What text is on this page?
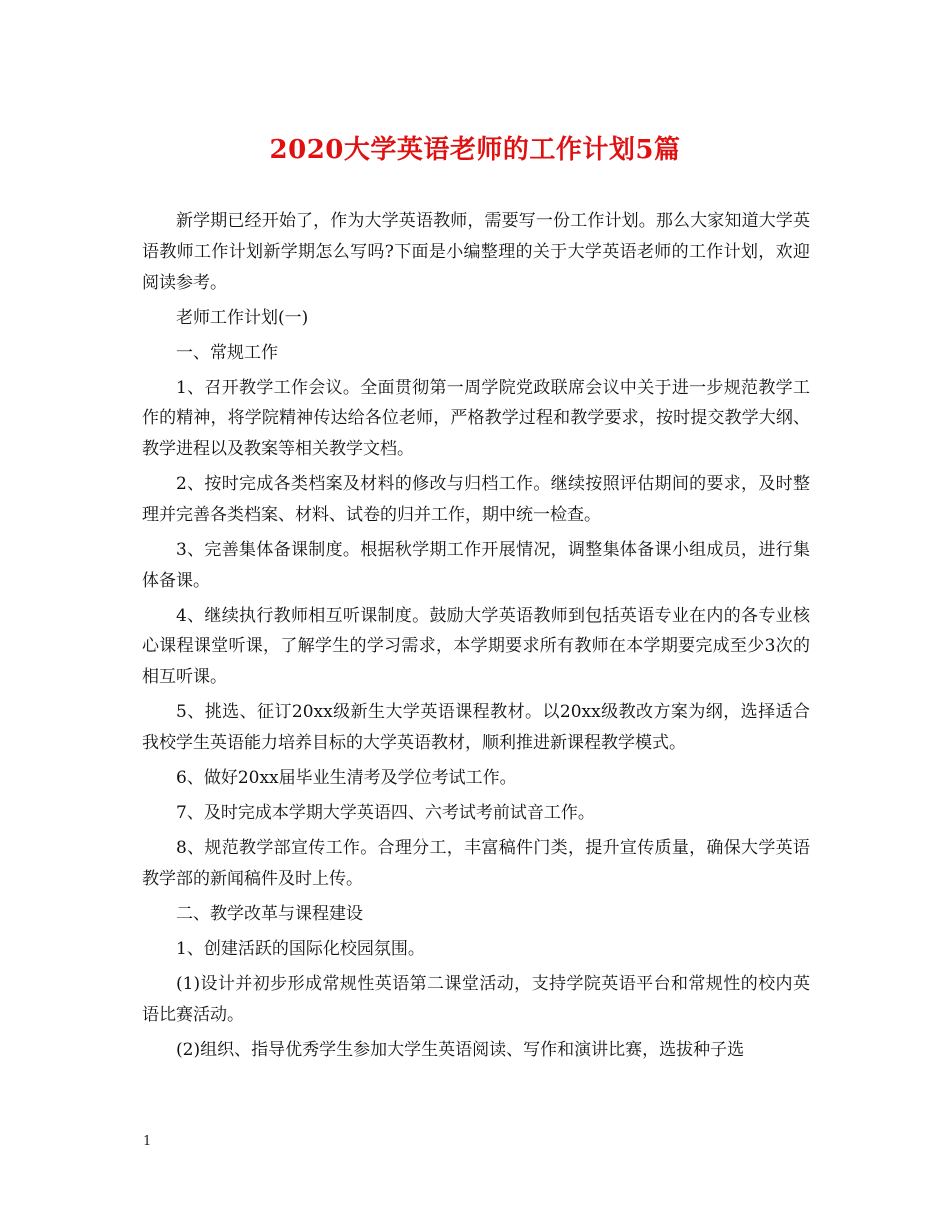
2020大学英语老师的工作计划5篇

新学期已经开始了，作为大学英语教师，需要写一份工作计划。那么大家知道大学英语教师工作计划新学期怎么写吗?下面是小编整理的关于大学英语老师的工作计划，欢迎阅读参考。

老师工作计划(一)

一、常规工作

1、召开教学工作会议。全面贯彻第一周学院党政联席会议中关于进一步规范教学工作的精神，将学院精神传达给各位老师，严格教学过程和教学要求，按时提交教学大纲、教学进程以及教案等相关教学文档。

2、按时完成各类档案及材料的修改与归档工作。继续按照评估期间的要求，及时整理并完善各类档案、材料、试卷的归并工作，期中统一检查。

3、完善集体备课制度。根据秋学期工作开展情况，调整集体备课小组成员，进行集体备课。

4、继续执行教师相互听课制度。鼓励大学英语教师到包括英语专业在内的各专业核心课程课堂听课，了解学生的学习需求，本学期要求所有教师在本学期要完成至少3次的相互听课。

5、挑选、征订20xx级新生大学英语课程教材。以20xx级教改方案为纲，选择适合我校学生英语能力培养目标的大学英语教材，顺利推进新课程教学模式。

6、做好20xx届毕业生清考及学位考试工作。

7、及时完成本学期大学英语四、六考试考前试音工作。

8、规范教学部宣传工作。合理分工，丰富稿件门类，提升宣传质量，确保大学英语教学部的新闻稿件及时上传。

二、教学改革与课程建设

1、创建活跃的国际化校园氛围。

(1)设计并初步形成常规性英语第二课堂活动，支持学院英语平台和常规性的校内英语比赛活动。

(2)组织、指导优秀学生参加大学生英语阅读、写作和演讲比赛，选拔种子选

1
